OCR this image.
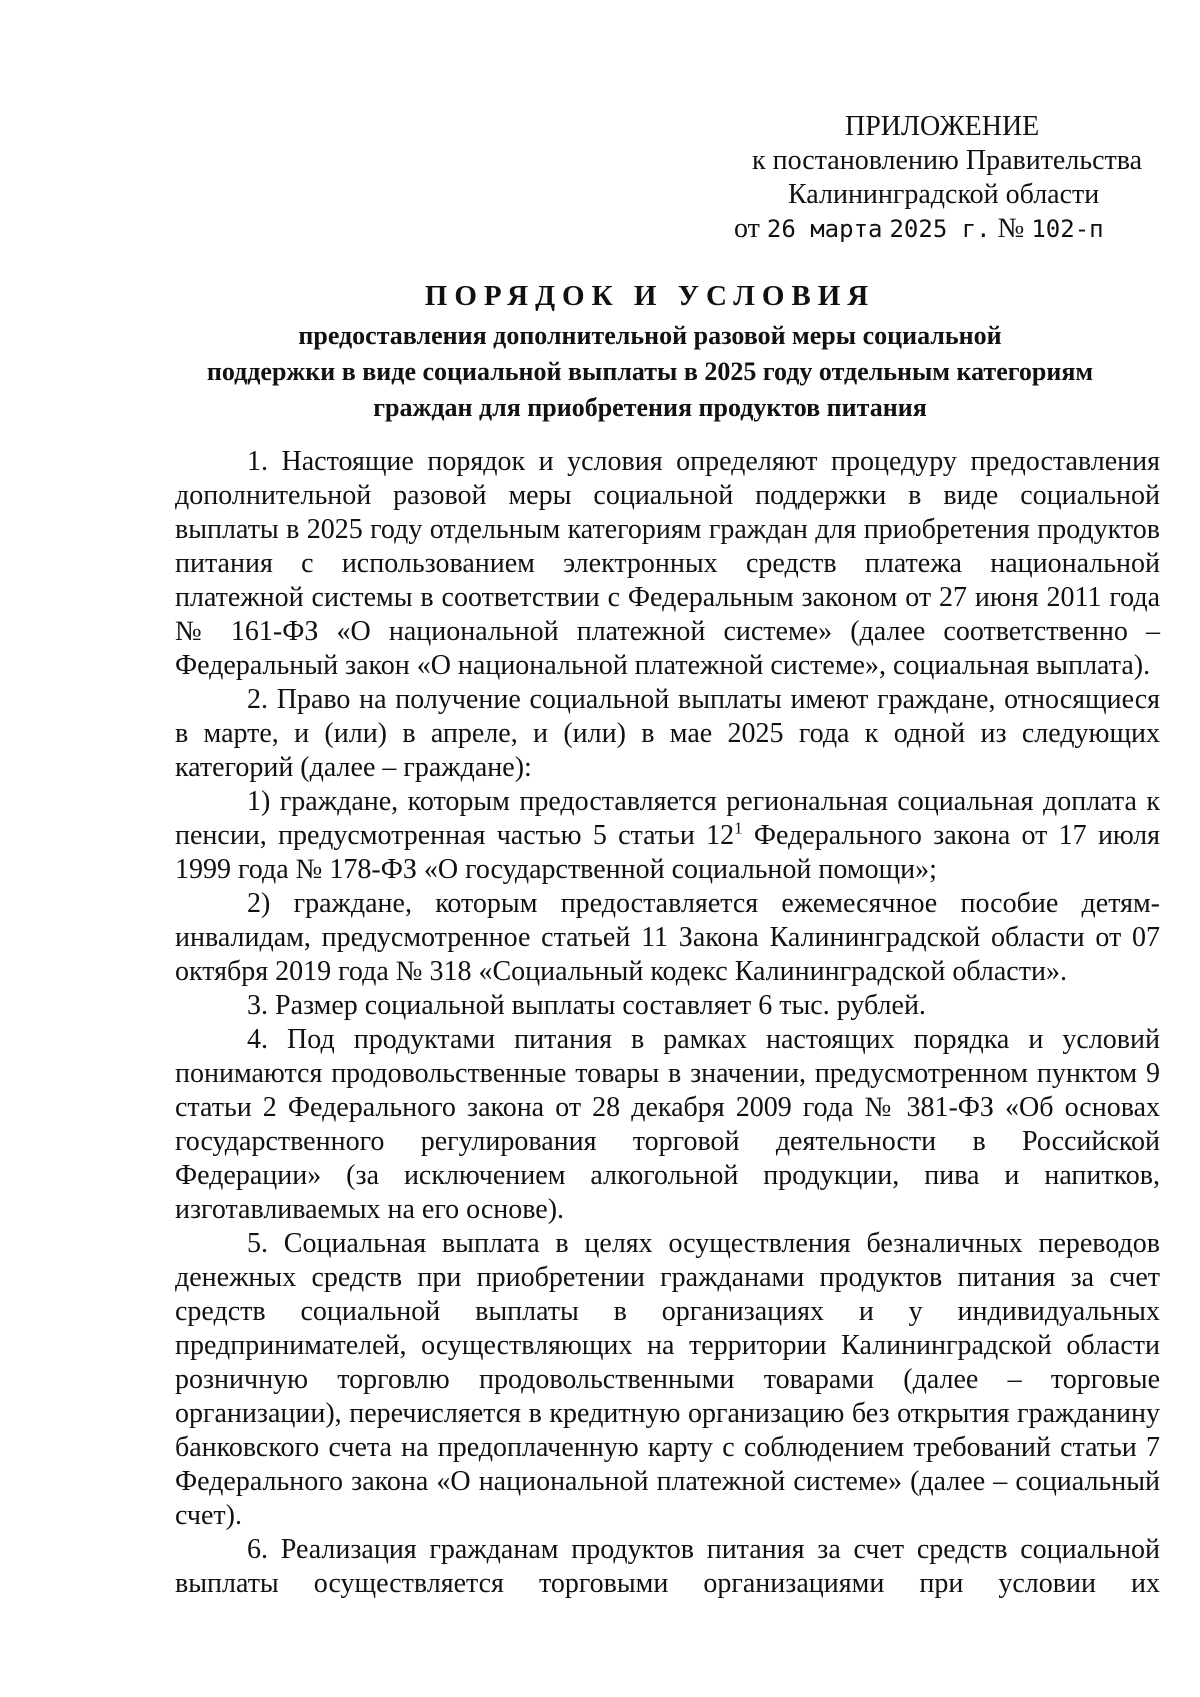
ПРИЛОЖЕНИЕ
к постановлению Правительства
Калининградской области
от 26 марта 2025 г. № 102-п
ПОРЯДОК И УСЛОВИЯ
предоставления дополнительной разовой меры социальной
поддержки в виде социальной выплаты в 2025 году отдельным категориям
граждан для приобретения продуктов питания

1. Настоящие порядок и условия определяют процедуру предоставления дополнительной разовой меры социальной поддержки в виде социальной выплаты в 2025 году отдельным категориям граждан для приобретения продуктов питания с использованием электронных средств платежа национальной платежной системы в соответствии с Федеральным законом от 27 июня 2011 года № 161-ФЗ «О национальной платежной системе» (далее соответственно – Федеральный закон «О национальной платежной системе», социальная выплата).

2. Право на получение социальной выплаты имеют граждане, относящиеся в марте, и (или) в апреле, и (или) в мае 2025 года к одной из следующих категорий (далее – граждане):

1) граждане, которым предоставляется региональная социальная доплата к пенсии, предусмотренная частью 5 статьи $12^1$ Федерального закона от 17 июля 1999 года № 178-ФЗ «О государственной социальной помощи»;

2) граждане, которым предоставляется ежемесячное пособие детям-инвалидам, предусмотренное статьей 11 Закона Калининградской области от 07 октября 2019 года № 318 «Социальный кодекс Калининградской области».

3. Размер социальной выплаты составляет 6 тыс. рублей.

4. Под продуктами питания в рамках настоящих порядка и условий понимаются продовольственные товары в значении, предусмотренном пунктом 9 статьи 2 Федерального закона от 28 декабря 2009 года № 381-ФЗ «Об основах государственного регулирования торговой деятельности в Российской Федерации» (за исключением алкогольной продукции, пива и напитков, изготавливаемых на его основе).

5. Социальная выплата в целях осуществления безналичных переводов денежных средств при приобретении гражданами продуктов питания за счет средств социальной выплаты в организациях и у индивидуальных предпринимателей, осуществляющих на территории Калининградской области розничную торговлю продовольственными товарами (далее – торговые организации), перечисляется в кредитную организацию без открытия гражданину банковского счета на предоплаченную карту с соблюдением требований статьи 7 Федерального закона «О национальной платежной системе» (далее – социальный счет).

6. Реализация гражданам продуктов питания за счет средств социальной выплаты осуществляется торговыми организациями при условии их
